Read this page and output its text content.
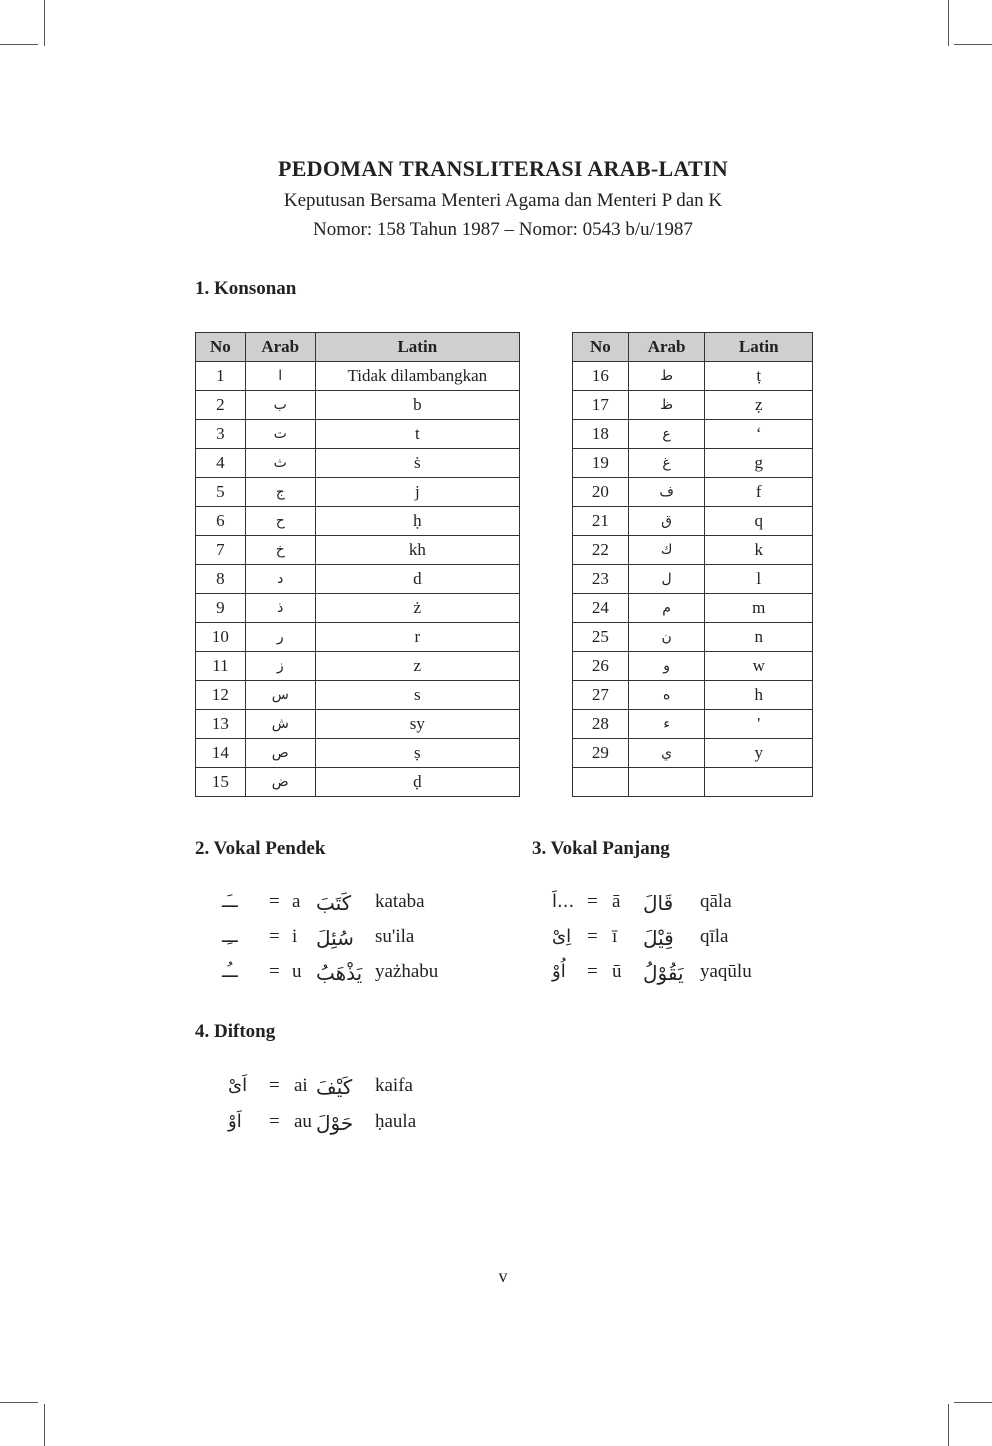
PEDOMAN TRANSLITERASI ARAB-LATIN
Keputusan Bersama Menteri Agama dan Menteri P dan K
Nomor: 158 Tahun 1987 – Nomor: 0543 b/u/1987
1. Konsonan
No	Arab	Latin
1	ا	Tidak dilambangkan
2	ب	b
3	ت	t
4	ث	ṡ
5	ج	j
6	ح	ḥ
7	خ	kh
8	د	d
9	ذ	ż
10	ر	r
11	ز	z
12	س	s
13	ش	sy
14	ص	ṣ
15	ض	ḍ
No	Arab	Latin
16	ط	ṭ
17	ظ	ẓ
18	ع	‘
19	غ	g
20	ف	f
21	ق	q
22	ك	k
23	ل	l
24	م	m
25	ن	n
26	و	w
27	ه	h
28	ء	'
29	ي	y

2. Vokal Pendek
ــَـ = a كَتَبَ kataba
ــِـ = i سُئِلَ su'ila
ــُـ = u يَذْهَبُ yażhabu
3. Vokal Panjang
...اَ = ā قَالَ qāla
اِىْ = ī قِيْلَ qīla
اُوْ = ū يَقُوْلُ yaqūlu
4. Diftong
اَىْ = ai كَيْفَ kaifa
اَوْ = au حَوْلَ ḥaula
v
